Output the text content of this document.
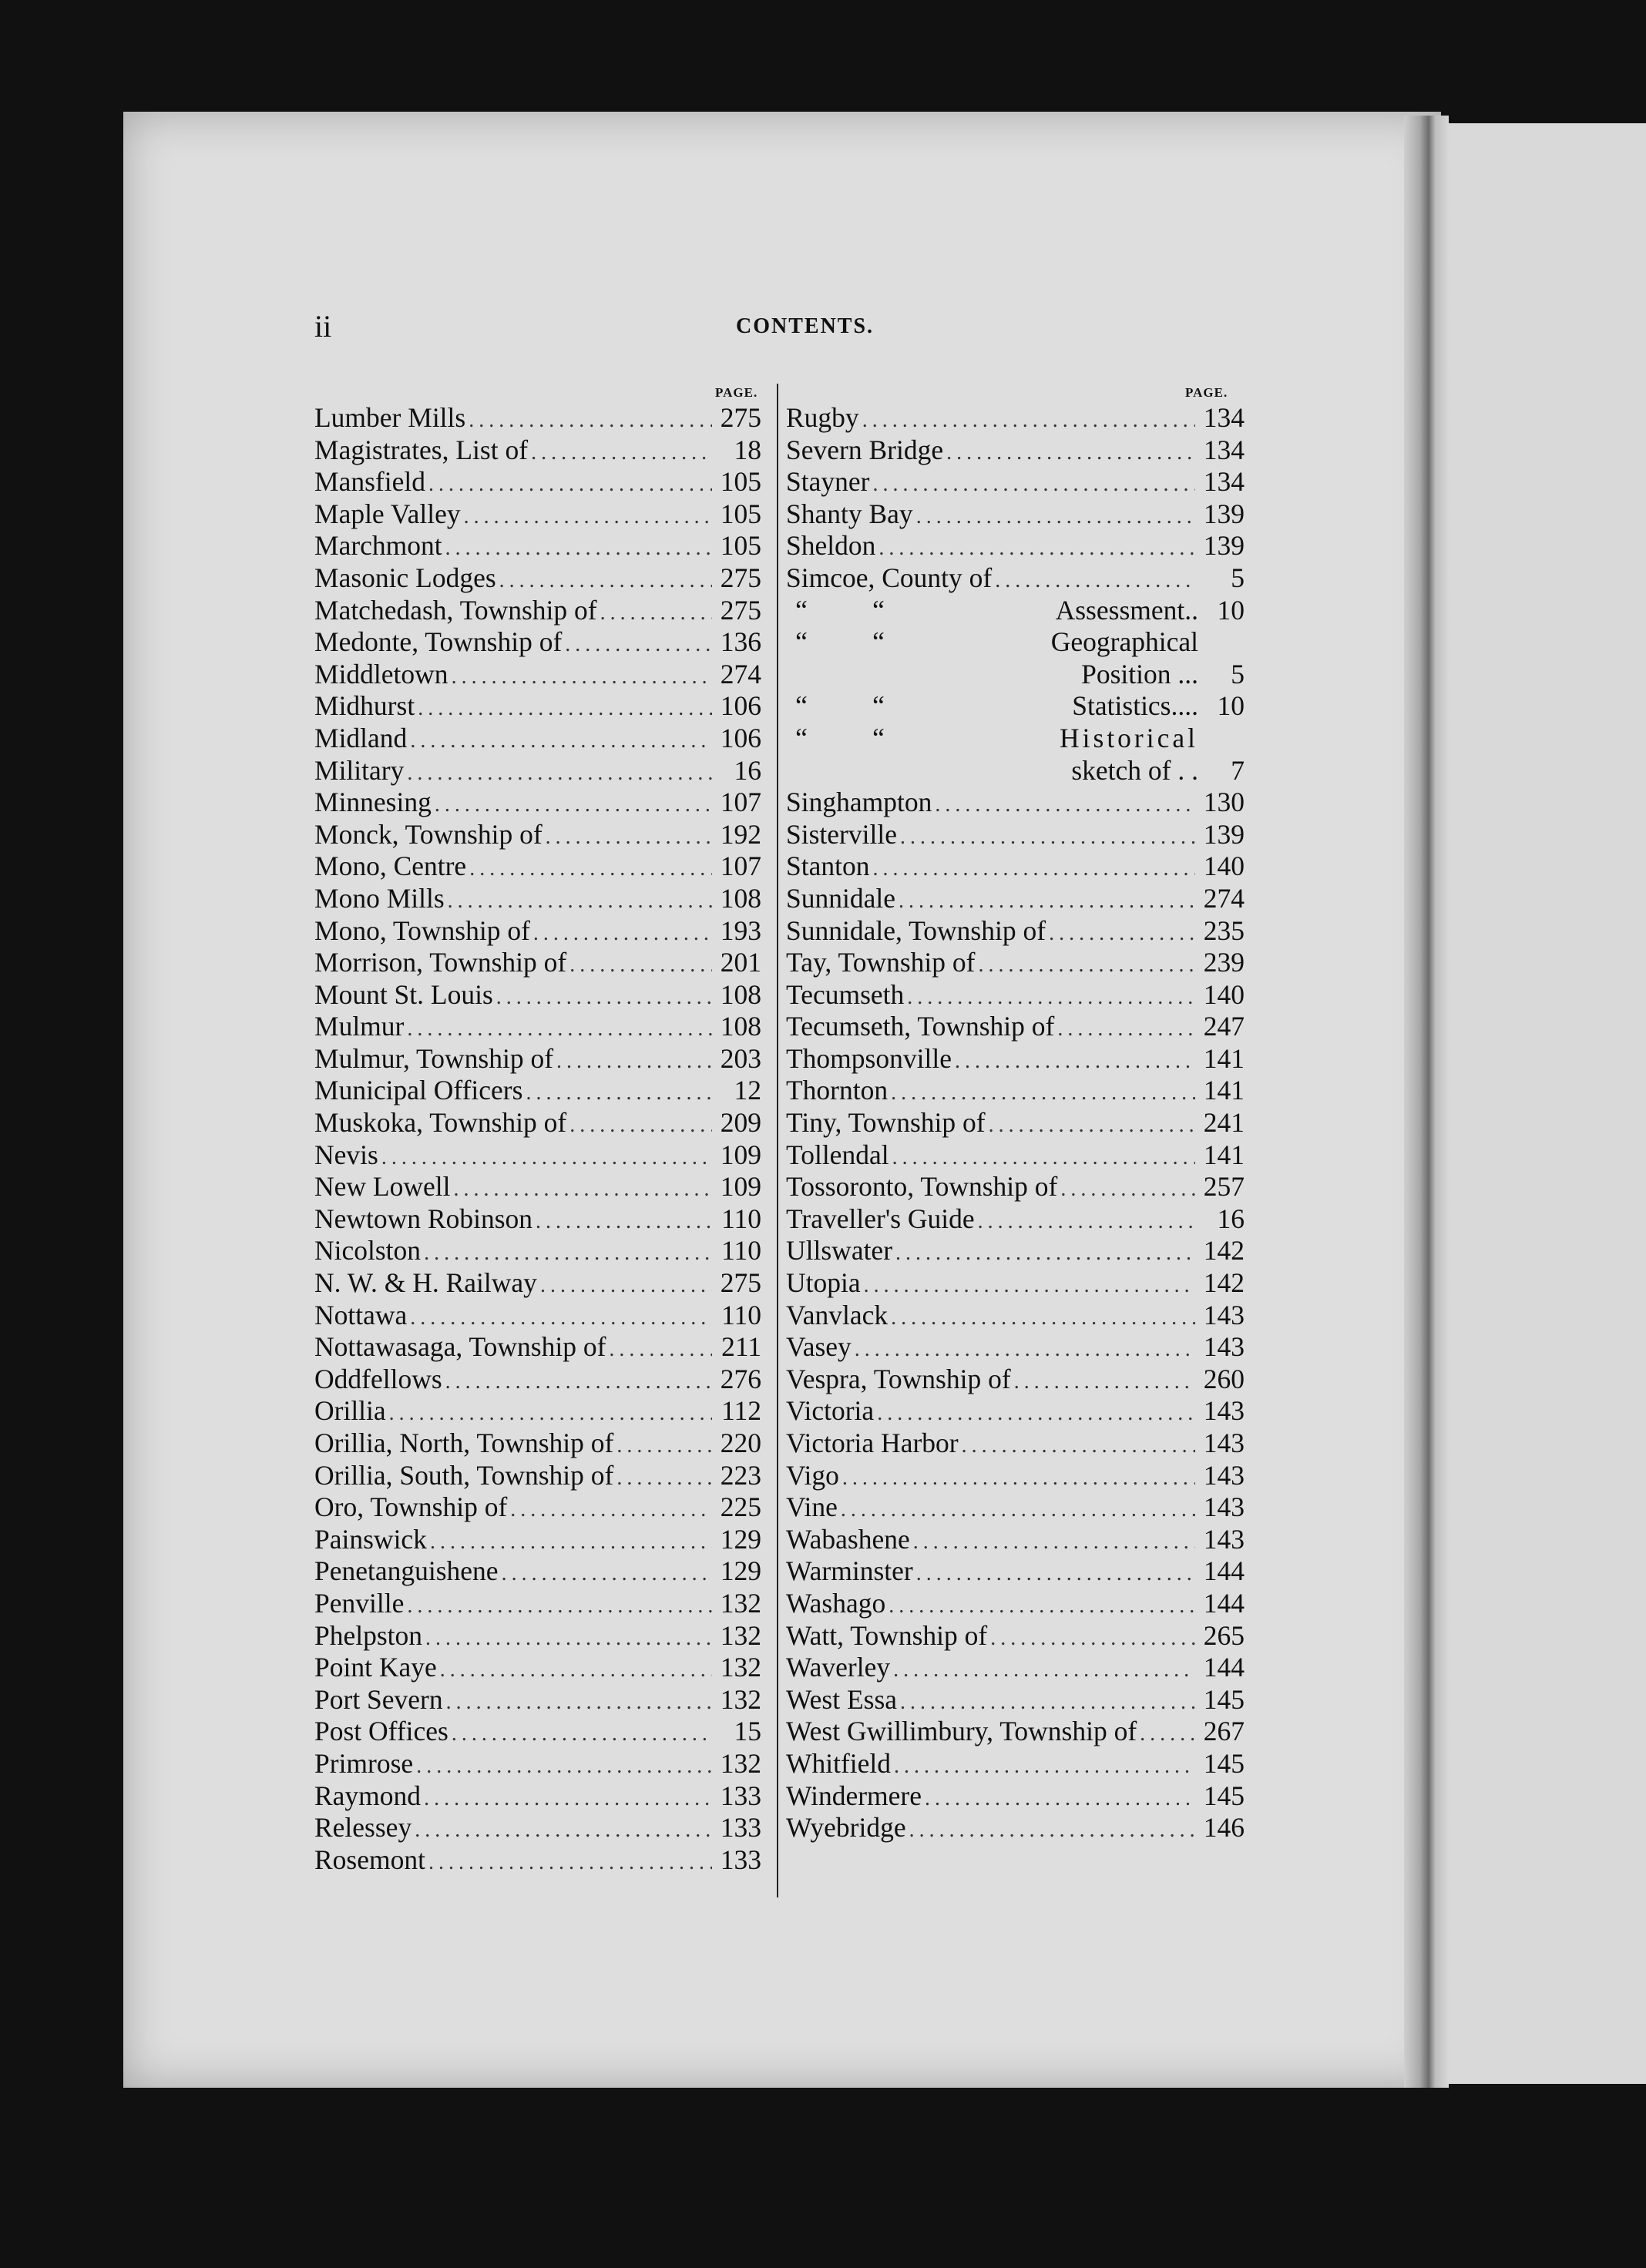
ii	CONTENTS.
PAGE.	PAGE.
Lumber Mills .....	275
Magistrates, List of .....	18
Mansfield .....	105
Maple Valley .....	105
Marchmont .....	105
Masonic Lodges .....	275
Matchedash, Township of .....	275
Medonte, Township of .....	136
Middletown .....	274
Midhurst .....	106
Midland .....	106
Military .....	16
Minnesing .....	107
Monck, Township of .....	192
Mono, Centre .....	107
Mono Mills .....	108
Mono, Township of .....	193
Morrison, Township of .....	201
Mount St. Louis .....	108
Mulmur .....	108
Mulmur, Township of .....	203
Municipal Officers .....	12
Muskoka, Township of .....	209
Nevis .....	109
New Lowell .....	109
Newtown Robinson .....	110
Nicolston .....	110
N. W. & H. Railway .....	275
Nottawa .....	110
Nottawasaga, Township of .....	211
Oddfellows .....	276
Orillia .....	112
Orillia, North, Township of .....	220
Orillia, South, Township of .....	223
Oro, Township of .....	225
Painswick .....	129
Penetanguishene .....	129
Penville .....	132
Phelpston .....	132
Point Kaye .....	132
Port Severn .....	132
Post Offices .....	15
Primrose .....	132
Raymond .....	133
Relessey .....	133
Rosemont .....	133
Rugby .....	134
Severn Bridge .....	134
Stayner .....	134
Shanty Bay .....	139
Sheldon .....	139
Simcoe, County of .....	5
“	“	Assessment.. 10
“	“	Geographical
Position ...	5
“	“	Statistics.... 10
“	“	Historical
sketch of . .	7
Singhampton .....	130
Sisterville .....	139
Stanton .....	140
Sunnidale .....	274
Sunnidale, Township of .....	235
Tay, Township of .....	239
Tecumseth .....	140
Tecumseth, Township of .....	247
Thompsonville .....	141
Thornton .....	141
Tiny, Township of .....	241
Tollendal .....	141
Tossoronto, Township of .....	257
Traveller's Guide .....	16
Ullswater .....	142
Utopia .....	142
Vanvlack .....	143
Vasey .....	143
Vespra, Township of .....	260
Victoria .....	143
Victoria Harbor .....	143
Vigo .....	143
Vine .....	143
Wabashene .....	143
Warminster .....	144
Washago .....	144
Watt, Township of .....	265
Waverley .....	144
West Essa .....	145
West Gwillimbury, Township of ..... 267
Whitfield .....	145
Windermere .....	145
Wyebridge .....	146
